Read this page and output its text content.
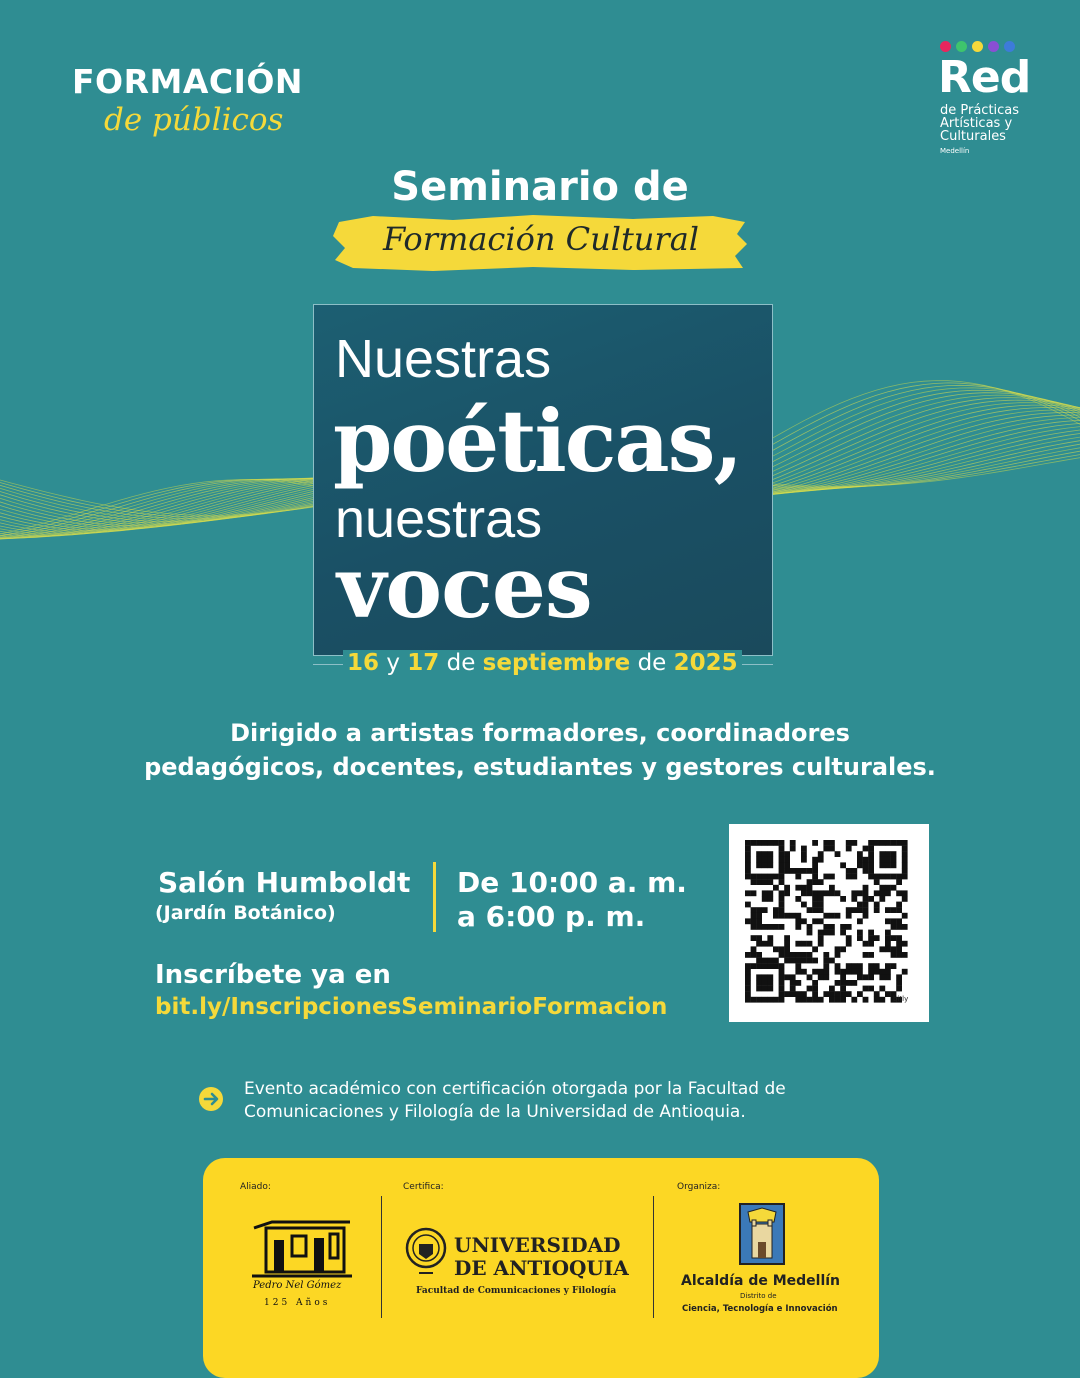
FORMACIÓN
de públicos
Red
de Prácticas Artísticas y Culturales
Medellín
Seminario de
Formación Cultural
Nuestras
poéticas,
nuestras
voces
16 y 17 de septiembre de 2025
Dirigido a artistas formadores, coordinadores
pedagógicos, docentes, estudiantes y gestores culturales.
Salón Humboldt
(Jardín Botánico)
De 10:00 a. m.
a 6:00 p. m.
Inscríbete ya en
bit.ly/InscripcionesSeminarioFormacion	bitly
Evento académico con certificación otorgada por la Facultad de
Comunicaciones y Filología de la Universidad de Antioquia.
Aliado:	Certifica:	Organiza:
Pedro Nel Gómez
125 Años
UNIVERSIDAD
DE ANTIOQUIA
Facultad de Comunicaciones y Filología
Alcaldía de Medellín
Distrito de
Ciencia, Tecnología e Innovación
